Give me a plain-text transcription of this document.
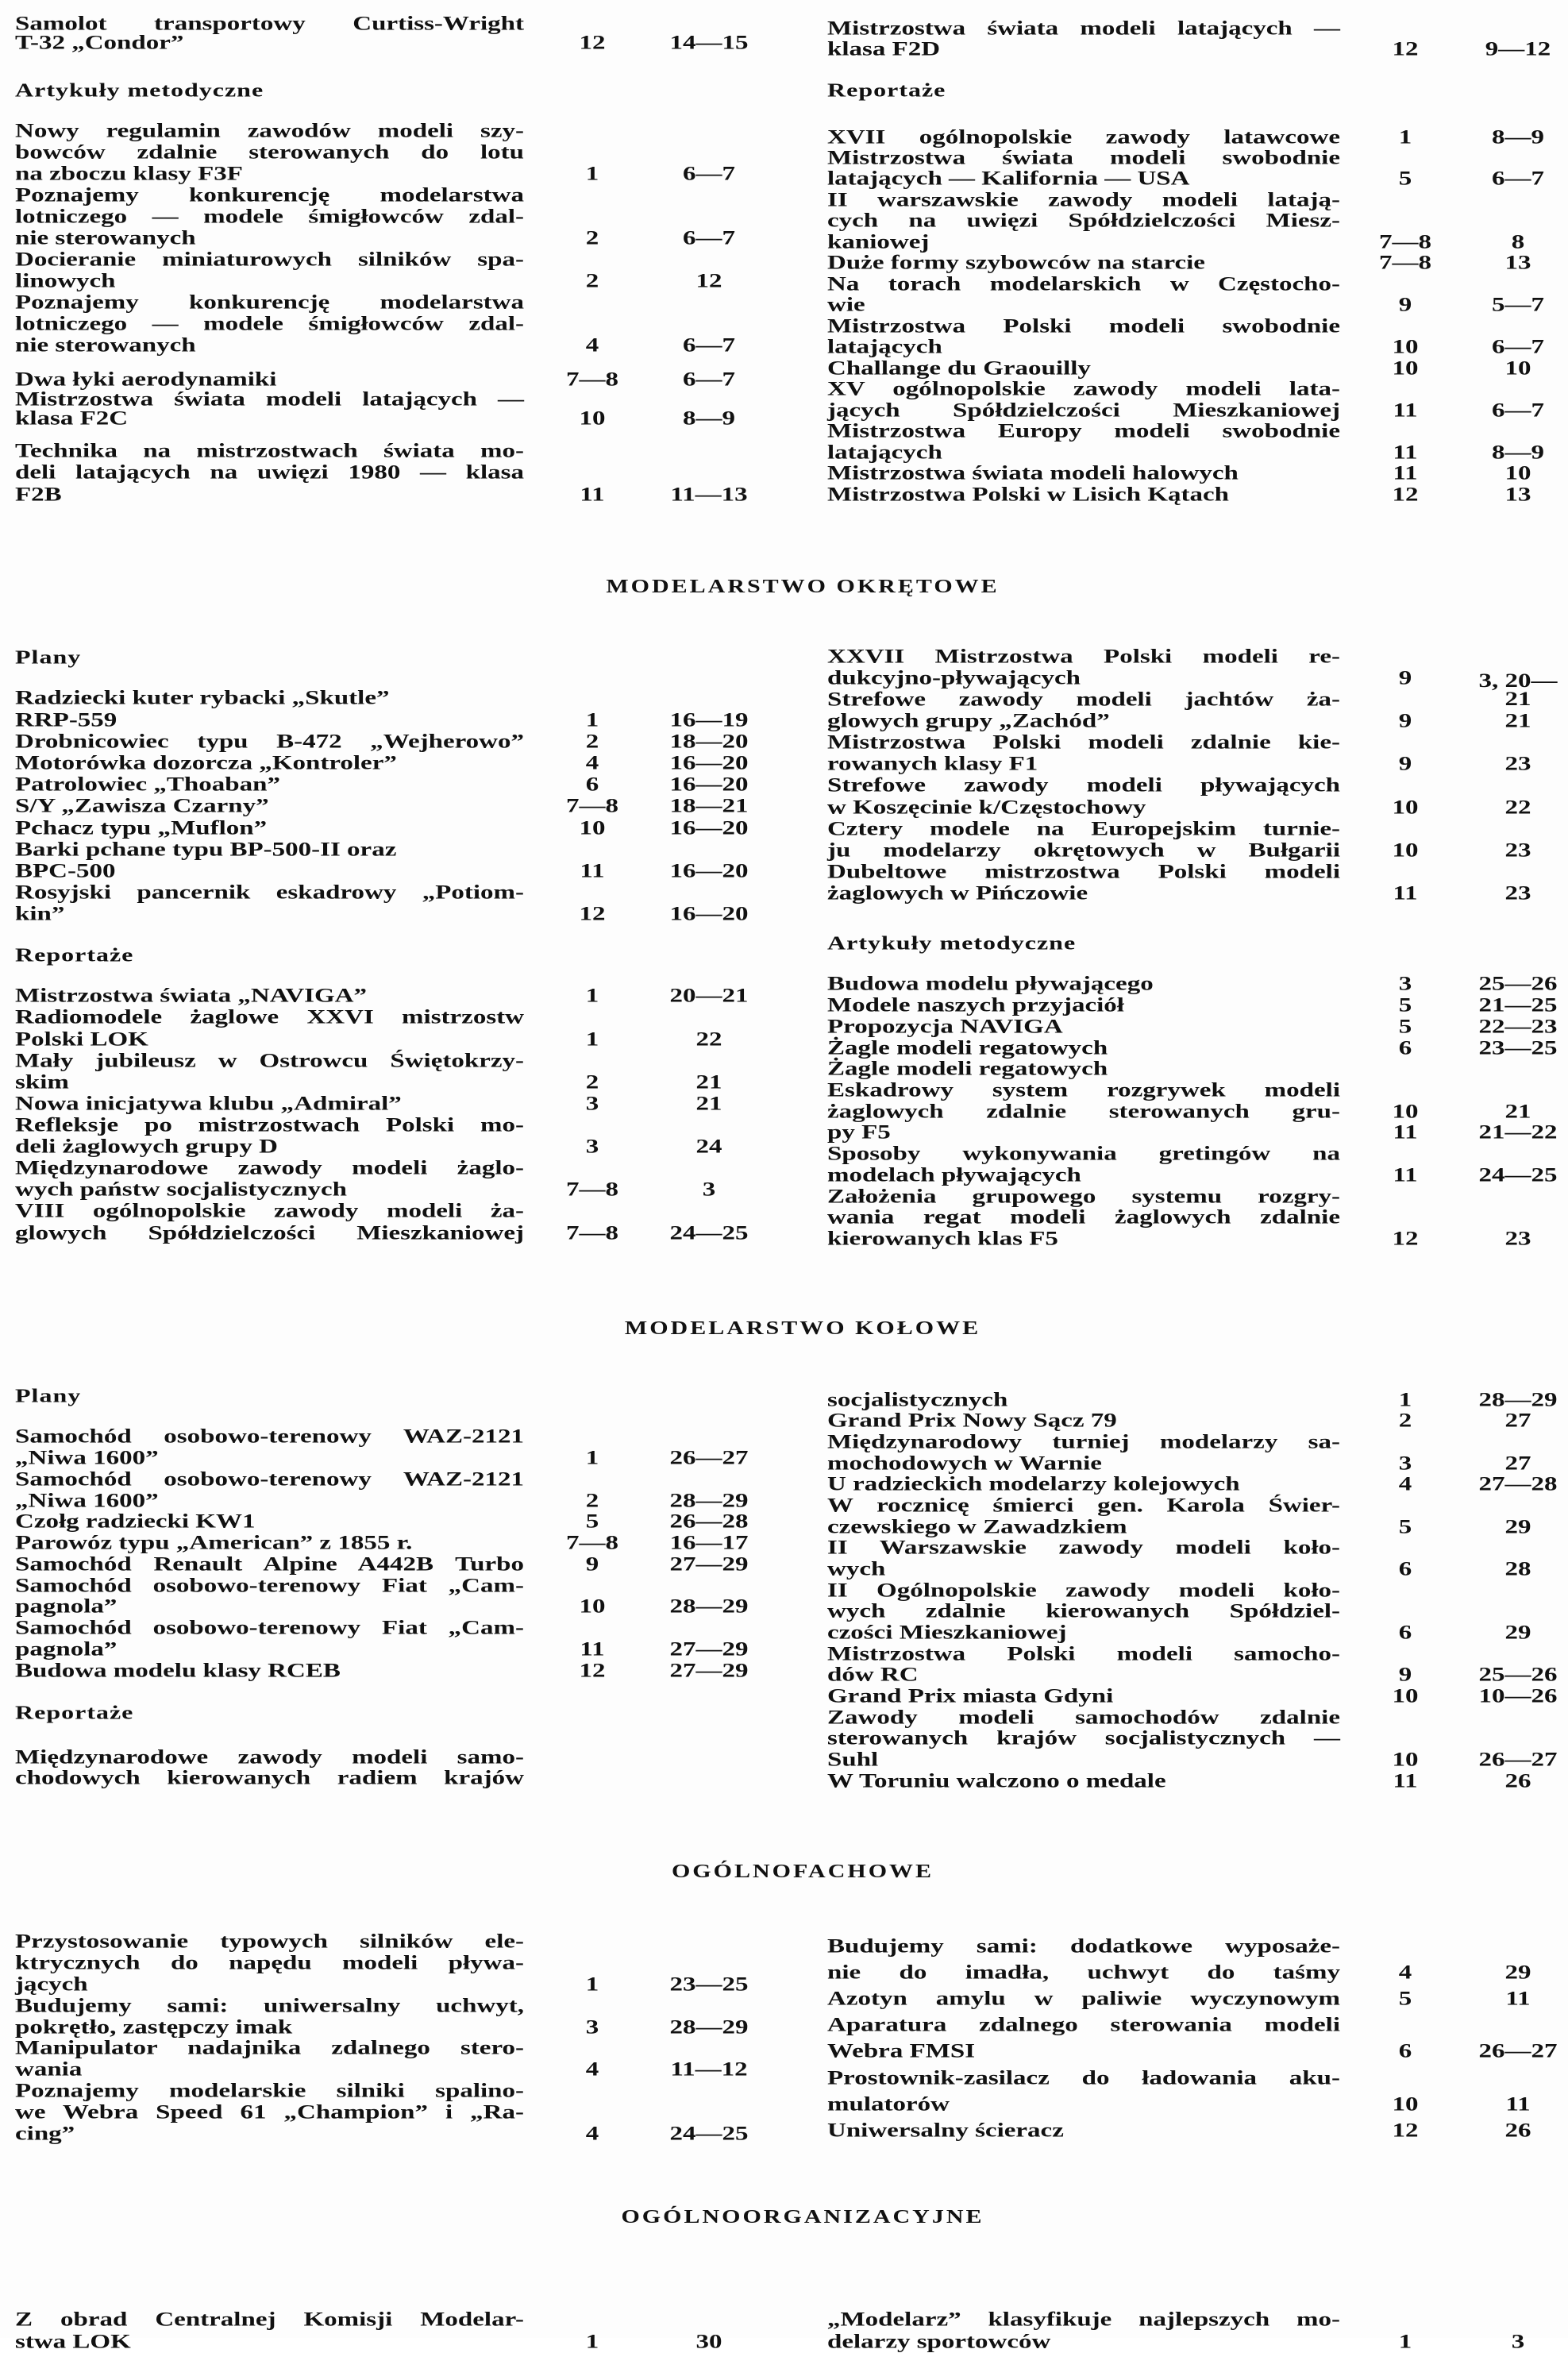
Samolot transportowy Curtiss-Wright
T-32 „Condor”	12	14—15
Artykuły metodyczne
Nowy regulamin zawodów modeli szy-
bowców zdalnie sterowanych do lotu
na zboczu klasy F3F	1	6—7
Poznajemy konkurencję modelarstwa
lotniczego — modele śmigłowców zdal-
nie sterowanych	2	6—7
Docieranie miniaturowych silników spa-
linowych	2	12
Poznajemy konkurencję modelarstwa
lotniczego — modele śmigłowców zdal-
nie sterowanych	4	6—7
Dwa łyki aerodynamiki	7—8	6—7
Mistrzostwa świata modeli latających —
klasa F2C	10	8—9
Technika na mistrzostwach świata mo-
deli latających na uwięzi 1980 — klasa
F2B	11	11—13
Mistrzostwa świata modeli latających —
klasa F2D	12	9—12
Reportaże
XVII ogólnopolskie zawody latawcowe	1	8—9
Mistrzostwa świata modeli swobodnie
latających — Kalifornia — USA	5	6—7
II warszawskie zawody modeli latają-
cych na uwięzi Spółdzielczości Miesz-
kaniowej	7—8	8
Duże formy szybowców na starcie	7—8	13
Na torach modelarskich w Częstocho-
wie	9	5—7
Mistrzostwa Polski modeli swobodnie
latających	10	6—7
Challange du Graouilly	10	10
XV ogólnopolskie zawody modeli lata-
jących Spółdzielczości Mieszkaniowej	11	6—7
Mistrzostwa Europy modeli swobodnie
latających	11	8—9
Mistrzostwa świata modeli halowych	11	10
Mistrzostwa Polski w Lisich Kątach	12	13
MODELARSTWO OKRĘTOWE
Plany
Radziecki kuter rybacki „Skutle”
RRP-559	1	16—19
Drobnicowiec typu B-472 „Wejherowo”	2	18—20
Motorówka dozorcza „Kontroler”	4	16—20
Patrolowiec „Thoaban”	6	16—20
S/Y „Zawisza Czarny”	7—8	18—21
Pchacz typu „Muflon”	10	16—20
Barki pchane typu BP-500-II oraz
BPC-500	11	16—20
Rosyjski pancernik eskadrowy „Potiom-
kin”	12	16—20
Reportaże
Mistrzostwa świata „NAVIGA”	1	20—21
Radiomodele żaglowe XXVI mistrzostw
Polski LOK	1	22
Mały jubileusz w Ostrowcu Świętokrzy-
skim	2	21
Nowa inicjatywa klubu „Admiral”	3	21
Refleksje po mistrzostwach Polski mo-
deli żaglowych grupy D	3	24
Międzynarodowe zawody modeli żaglo-
wych państw socjalistycznych	7—8	3
VIII ogólnopolskie zawody modeli ża-
glowych Spółdzielczości Mieszkaniowej	7—8	24—25
XXVII Mistrzostwa Polski modeli re-
dukcyjno-pływających	9	3, 20—21
Strefowe zawody modeli jachtów ża-
glowych grupy „Zachód”	9	21
Mistrzostwa Polski modeli zdalnie kie-
rowanych klasy F1	9	23
Strefowe zawody modeli pływających
w Koszęcinie k/Częstochowy	10	22
Cztery modele na Europejskim turnie-
ju modelarzy okrętowych w Bułgarii	10	23
Dubeltowe mistrzostwa Polski modeli
żaglowych w Pińczowie	11	23
Artykuły metodyczne
Budowa modelu pływającego	3	25—26
Modele naszych przyjaciół	5	21—25
Propozycja NAVIGA	5	22—23
Żagle modeli regatowych	6	23—25
Żagle modeli regatowych
Eskadrowy system rozgrywek modeli
żaglowych zdalnie sterowanych gru-	10	21
py F5	11	21—22
Sposoby wykonywania gretingów na
modelach pływających	11	24—25
Założenia grupowego systemu rozgry-
wania regat modeli żaglowych zdalnie
kierowanych klas F5	12	23
MODELARSTWO KOŁOWE
Plany
Samochód osobowo-terenowy WAZ-2121
„Niwa 1600”	1	26—27
Samochód osobowo-terenowy WAZ-2121
„Niwa 1600”	2	28—29
Czołg radziecki KW1	5	26—28
Parowóz typu „American” z 1855 r.	7—8	16—17
Samochód Renault Alpine A442B Turbo	9	27—29
Samochód osobowo-terenowy Fiat „Cam-
pagnola”	10	28—29
Samochód osobowo-terenowy Fiat „Cam-
pagnola”	11	27—29
Budowa modelu klasy RCEB	12	27—29
Reportaże
Międzynarodowe zawody modeli samo-
chodowych kierowanych radiem krajów
socjalistycznych	1	28—29
Grand Prix Nowy Sącz 79	2	27
Międzynarodowy turniej modelarzy sa-
mochodowych w Warnie	3	27
U radzieckich modelarzy kolejowych	4	27—28
W rocznicę śmierci gen. Karola Świer-
czewskiego w Zawadzkiem	5	29
II Warszawskie zawody modeli koło-
wych	6	28
II Ogólnopolskie zawody modeli koło-
wych zdalnie kierowanych Spółdziel-
czości Mieszkaniowej	6	29
Mistrzostwa Polski modeli samocho-
dów RC	9	25—26
Grand Prix miasta Gdyni	10	10—26
Zawody modeli samochodów zdalnie
sterowanych krajów socjalistycznych —
Suhl	10	26—27
W Toruniu walczono o medale	11	26
OGÓLNOFACHOWE
Przystosowanie typowych silników ele-
ktrycznych do napędu modeli pływa-
jących	1	23—25
Budujemy sami: uniwersalny uchwyt,
pokrętło, zastępczy imak	3	28—29
Manipulator nadajnika zdalnego stero-
wania	4	11—12
Poznajemy modelarskie silniki spalino-
we Webra Speed 61 „Champion” i „Ra-
cing”	4	24—25
Budujemy sami: dodatkowe wyposaże-
nie do imadła, uchwyt do taśmy	4	29
Azotyn amylu w paliwie wyczynowym	5	11
Aparatura zdalnego sterowania modeli
Webra FMSI	6	26—27
Prostownik-zasilacz do ładowania aku-
mulatorów	10	11
Uniwersalny ścieracz	12	26
OGÓLNOORGANIZACYJNE
Z obrad Centralnej Komisji Modelar-
stwa LOK	1	30
„Modelarz” klasyfikuje najlepszych mo-
delarzy sportowców	1	3
